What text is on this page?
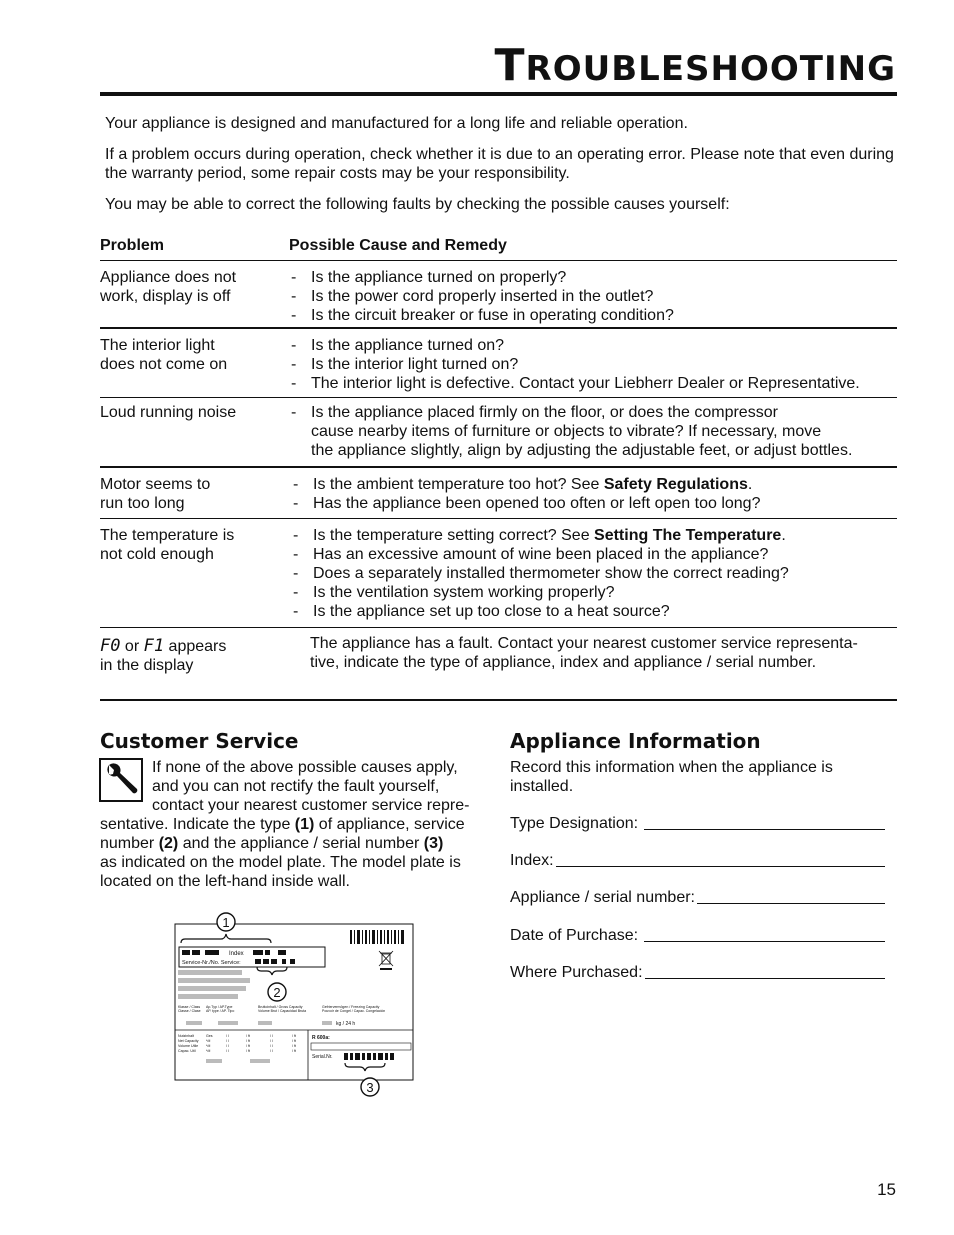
TROUBLESHOOTING

Your appliance is designed and manufactured for a long life and reliable operation.

If a problem occurs during operation, check whether it is due to an operating error. Please note that even during the warranty period, some repair costs may be your responsibility.

You may be able to correct the following faults by checking the possible causes yourself:

Problem	Possible Cause and Remedy
Appliance does not
work, display is off
- Is the appliance turned on properly?
- Is the power cord properly inserted in the outlet?
- Is the circuit breaker or fuse in operating condition?
The interior light
does not come on
- Is the appliance turned on?
- Is the interior light turned on?
- The interior light is defective. Contact your Liebherr Dealer or Representative.
Loud running noise
-	Is the appliance placed firmly on the floor, or does the compressor
cause nearby items of furniture or objects to vibrate? If necessary, move
the appliance slightly, align by adjusting the adjustable feet, or adjust bottles.
Motor seems to
run too long
- Is the ambient temperature too hot? See Safety Regulations.
- Has the appliance been opened too often or left open too long?
The temperature is
not cold enough
- Is the temperature setting correct? See Setting The Temperature.
- Has an excessive amount of wine been placed in the appliance?
- Does a separately installed thermometer show the correct reading?
- Is the ventilation system working properly?
- Is the appliance set up too close to a heat source?
F0 or F1 appears
in the display
The appliance has a fault. Contact your nearest customer service representa-
tive, indicate the type of appliance, index and appliance / serial number.
Customer Service
If none of the above possible causes apply,
and you can not rectify the fault yourself,
contact your nearest customer service repre-
sentative. Indicate the type (1) of appliance, service
number (2) and the appliance / serial number (3)
as indicated on the model plate. The model plate is
located on the left-hand inside wall.
Index
Service-Nr./No. Service:
Klasse / Class
Classe / Clase
Ap.Typ / AP.Type
AP. type / AP. Tipo
Bruttoinhalt / Gross Capacity
Volume Brut / Capacidad Bruta
Gefriervermögen / Freezing Capacity
Pouvoir de Congel / Capac. Congelación
kg / 24 h
Nutzinhalt
Net Capacity
Volume Utile
Capac. Util
Ges
*/#
*/#
*/#
/ l
/ l
/ l
/ l
/ ft
/ ft
/ ft
/ ft
/ l
/ l
/ l
/ l
/ ft
/ ft
/ ft
/ ft
R 600a:
Serial.Nr.
1
2
3
Appliance Information
Record this information when the appliance is
installed.
Type Designation:
Index:
Appliance / serial number:
Date of Purchase:
Where Purchased:
15
